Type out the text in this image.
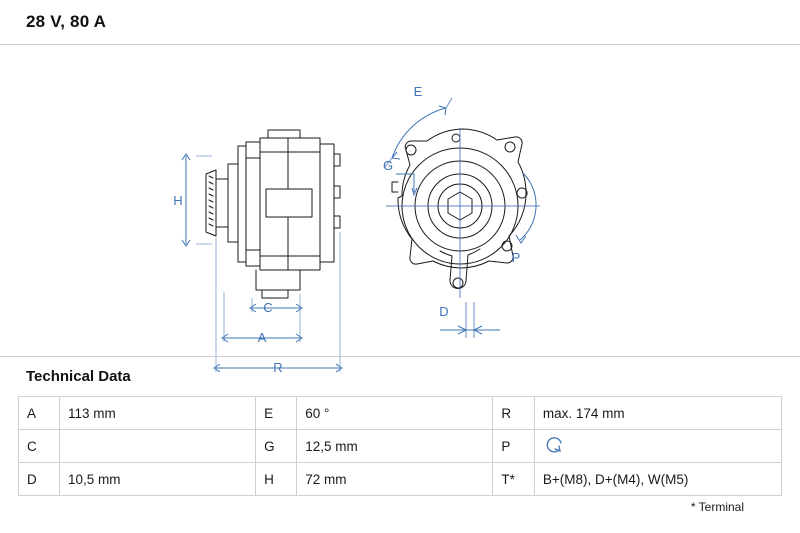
28 V, 80 A
H
C
A
R
E
G
P
D
Technical Data
A	113 mm	E	60 °	R	max. 174 mm
C		G	12,5 mm	P	

D	10,5 mm	H	72 mm	T*	B+(M8), D+(M4), W(M5)
* Terminal
